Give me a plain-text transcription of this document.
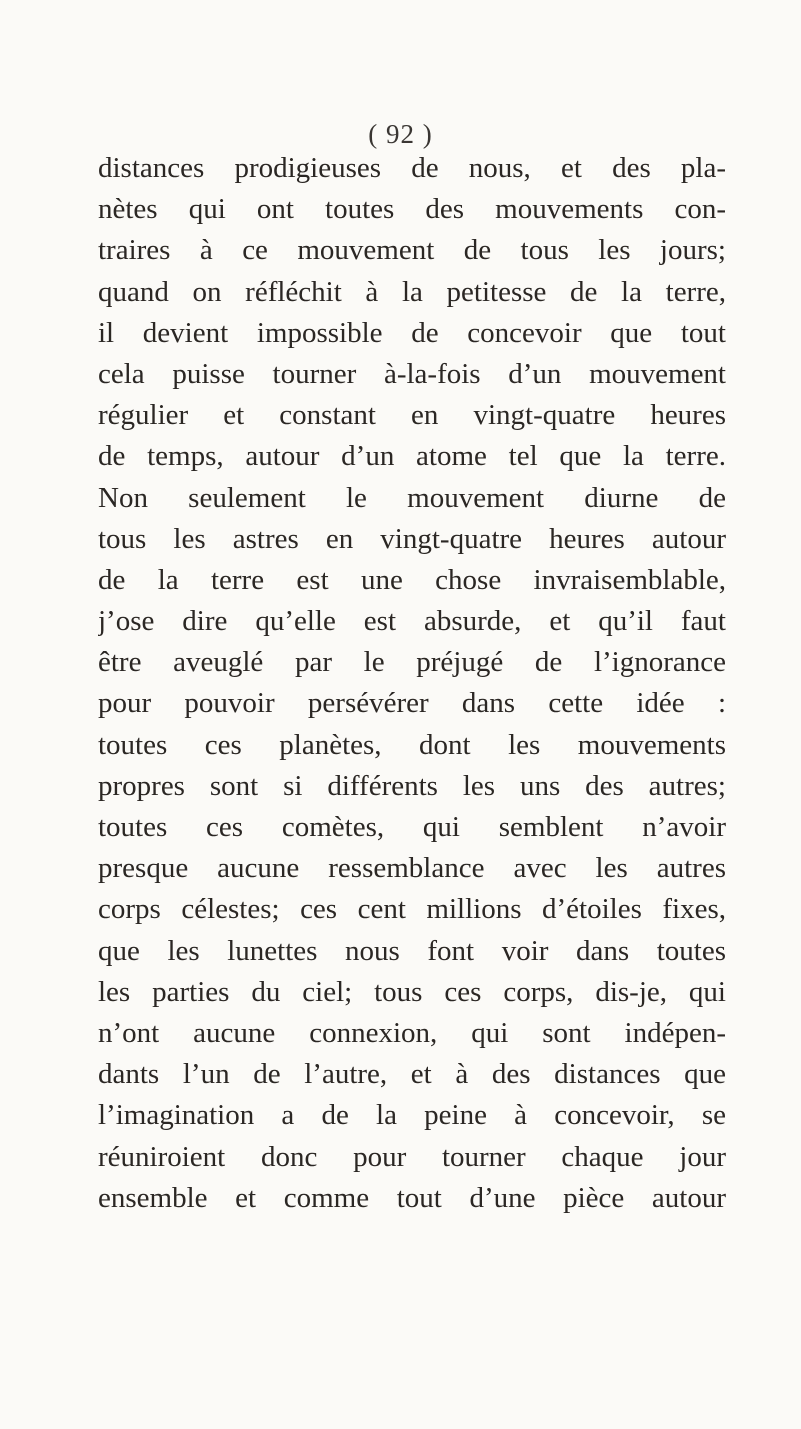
( 92 )
distances prodigieuses de nous, et des pla-
nètes qui ont toutes des mouvements con-
traires à ce mouvement de tous les jours;
quand on réfléchit à la petitesse de la terre,
il devient impossible de concevoir que tout
cela puisse tourner à-la-fois d’un mouvement
régulier et constant en vingt-quatre heures
de temps, autour d’un atome tel que la terre.
Non seulement le mouvement diurne de
tous les astres en vingt-quatre heures autour
de la terre est une chose invraisemblable,
j’ose dire qu’elle est absurde, et qu’il faut
être aveuglé par le préjugé de l’ignorance
pour pouvoir persévérer dans cette idée :
toutes ces planètes, dont les mouvements
propres sont si différents les uns des autres;
toutes ces comètes, qui semblent n’avoir
presque aucune ressemblance avec les autres
corps célestes; ces cent millions d’étoiles fixes,
que les lunettes nous font voir dans toutes
les parties du ciel; tous ces corps, dis-je, qui
n’ont aucune connexion, qui sont indépen-
dants l’un de l’autre, et à des distances que
l’imagination a de la peine à concevoir, se
réuniroient donc pour tourner chaque jour
ensemble et comme tout d’une pièce autour
